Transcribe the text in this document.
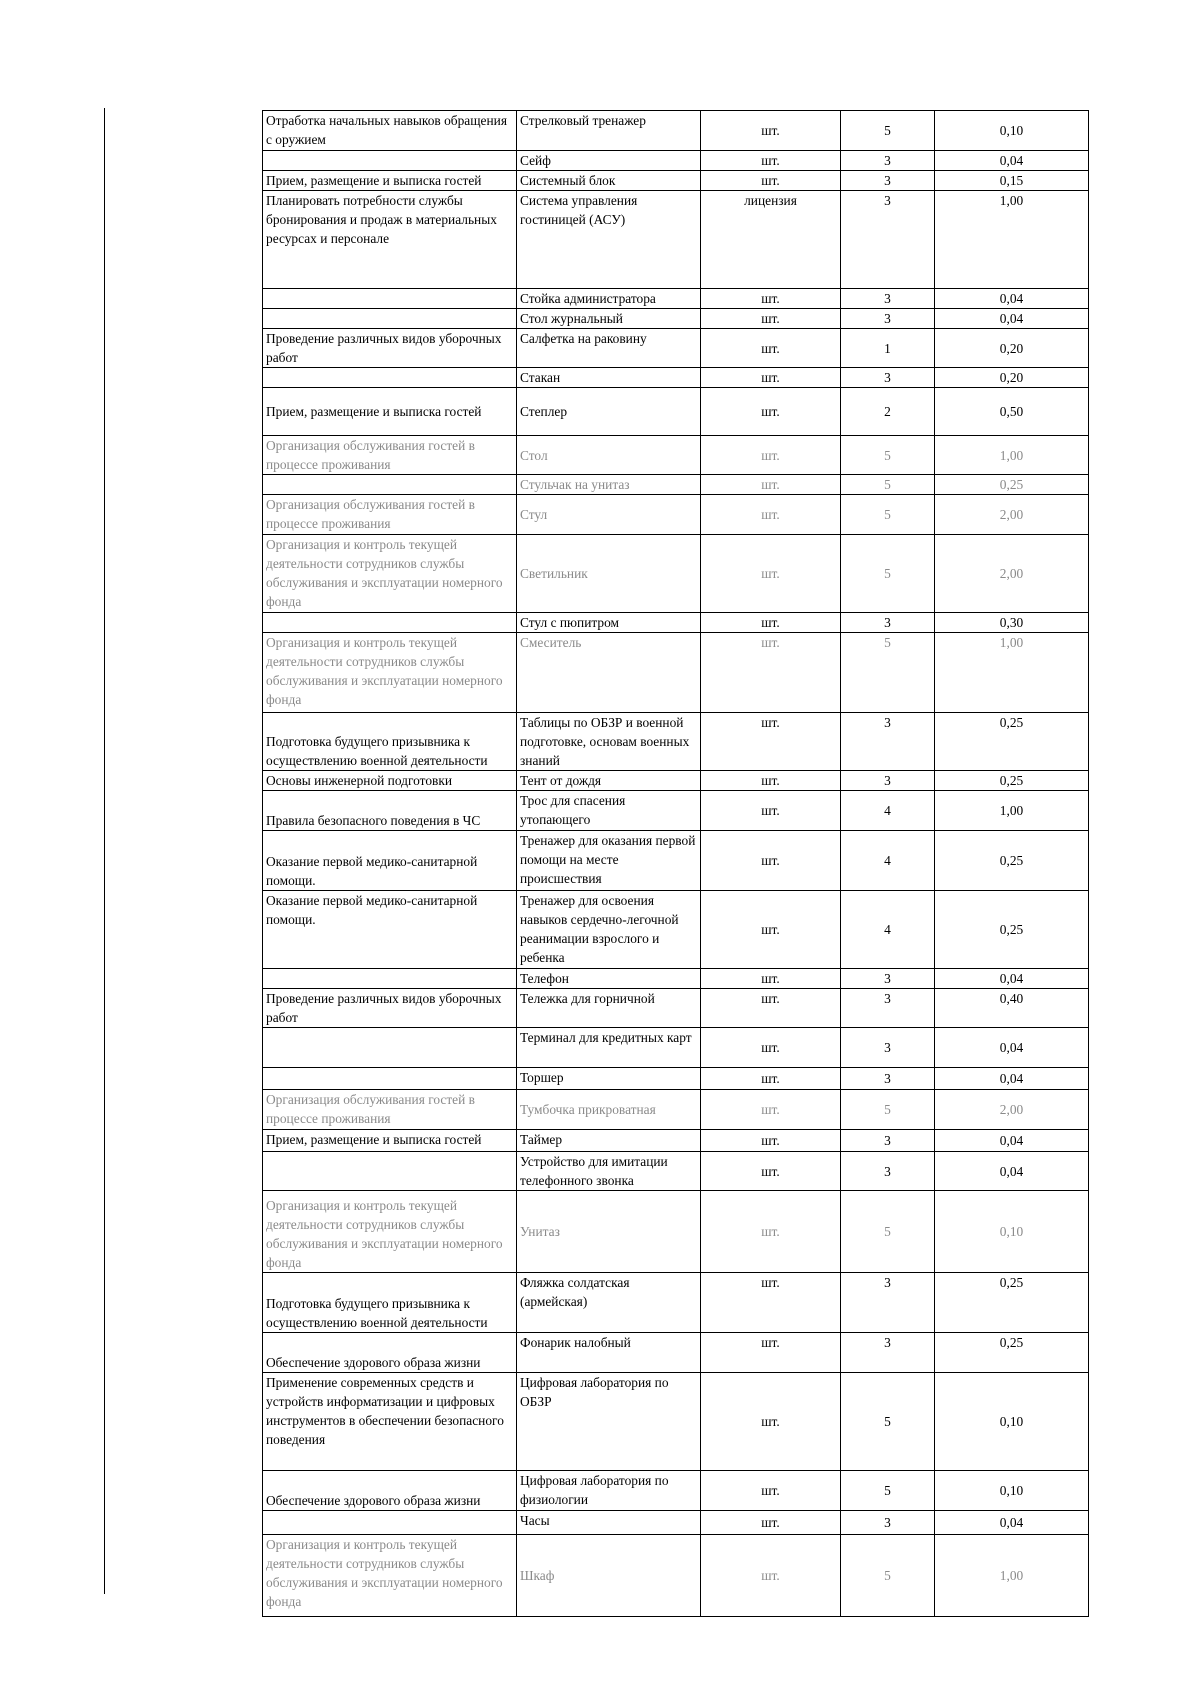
Отработка начальных навыков обращения с оружием	Стрелковый тренажер	шт.	5	0,10
	Сейф	шт.	3	0,04
Прием, размещение и выписка гостей	Системный блок	шт.	3	0,15
Планировать потребности службы бронирования и продаж в материальных ресурсах и персонале	Система управления гостиницей (АСУ)	лицензия	3	1,00
	Стойка администратора	шт.	3	0,04
	Стол журнальный	шт.	3	0,04
Проведение различных видов уборочных работ	Салфетка на раковину	шт.	1	0,20
	Стакан	шт.	3	0,20
Прием, размещение и выписка гостей	Степлер	шт.	2	0,50
Организация обслуживания гостей в процессе проживания	Стол	шт.	5	1,00
	Стульчак на унитаз	шт.	5	0,25
Организация обслуживания гостей в процессе проживания	Стул	шт.	5	2,00
Организация и контроль текущей деятельности сотрудников службы обслуживания и эксплуатации номерного фонда	Светильник	шт.	5	2,00
	Стул с пюпитром	шт.	3	0,30
Организация и контроль текущей деятельности сотрудников службы обслуживания и эксплуатации номерного фонда	Смеситель	шт.	5	1,00
Подготовка будущего призывника к осуществлению военной деятельности	Таблицы по ОБЗР и военной подготовке, основам военных знаний	шт.	3	0,25
Основы инженерной подготовки	Тент от дождя	шт.	3	0,25
Правила безопасного поведения в ЧС	Трос для спасения утопающего	шт.	4	1,00
Оказание первой медико-санитарной помощи.	Тренажер для оказания первой помощи на месте происшествия	шт.	4	0,25
Оказание первой медико-санитарной помощи.	Тренажер для освоения навыков сердечно-легочной реанимации взрослого и ребенка	шт.	4	0,25
	Телефон	шт.	3	0,04
Проведение различных видов уборочных работ	Тележка для горничной	шт.	3	0,40
	Терминал для кредитных карт	шт.	3	0,04
	Торшер	шт.	3	0,04
Организация обслуживания гостей в процессе проживания	Тумбочка прикроватная	шт.	5	2,00
Прием, размещение и выписка гостей	Таймер	шт.	3	0,04
	Устройство для имитации телефонного звонка	шт.	3	0,04
Организация и контроль текущей деятельности сотрудников службы обслуживания и эксплуатации номерного фонда	Унитаз	шт.	5	0,10
Подготовка будущего призывника к осуществлению военной деятельности	Фляжка солдатская (армейская)	шт.	3	0,25
Обеспечение здорового образа жизни	Фонарик налобный	шт.	3	0,25
Применение современных средств и устройств информатизации и цифровых инструментов в обеспечении безопасного поведения	Цифровая лаборатория по ОБЗР	шт.	5	0,10
Обеспечение здорового образа жизни	Цифровая лаборатория по физиологии	шт.	5	0,10
	Часы	шт.	3	0,04
Организация и контроль текущей деятельности сотрудников службы обслуживания и эксплуатации номерного фонда	Шкаф	шт.	5	1,00
